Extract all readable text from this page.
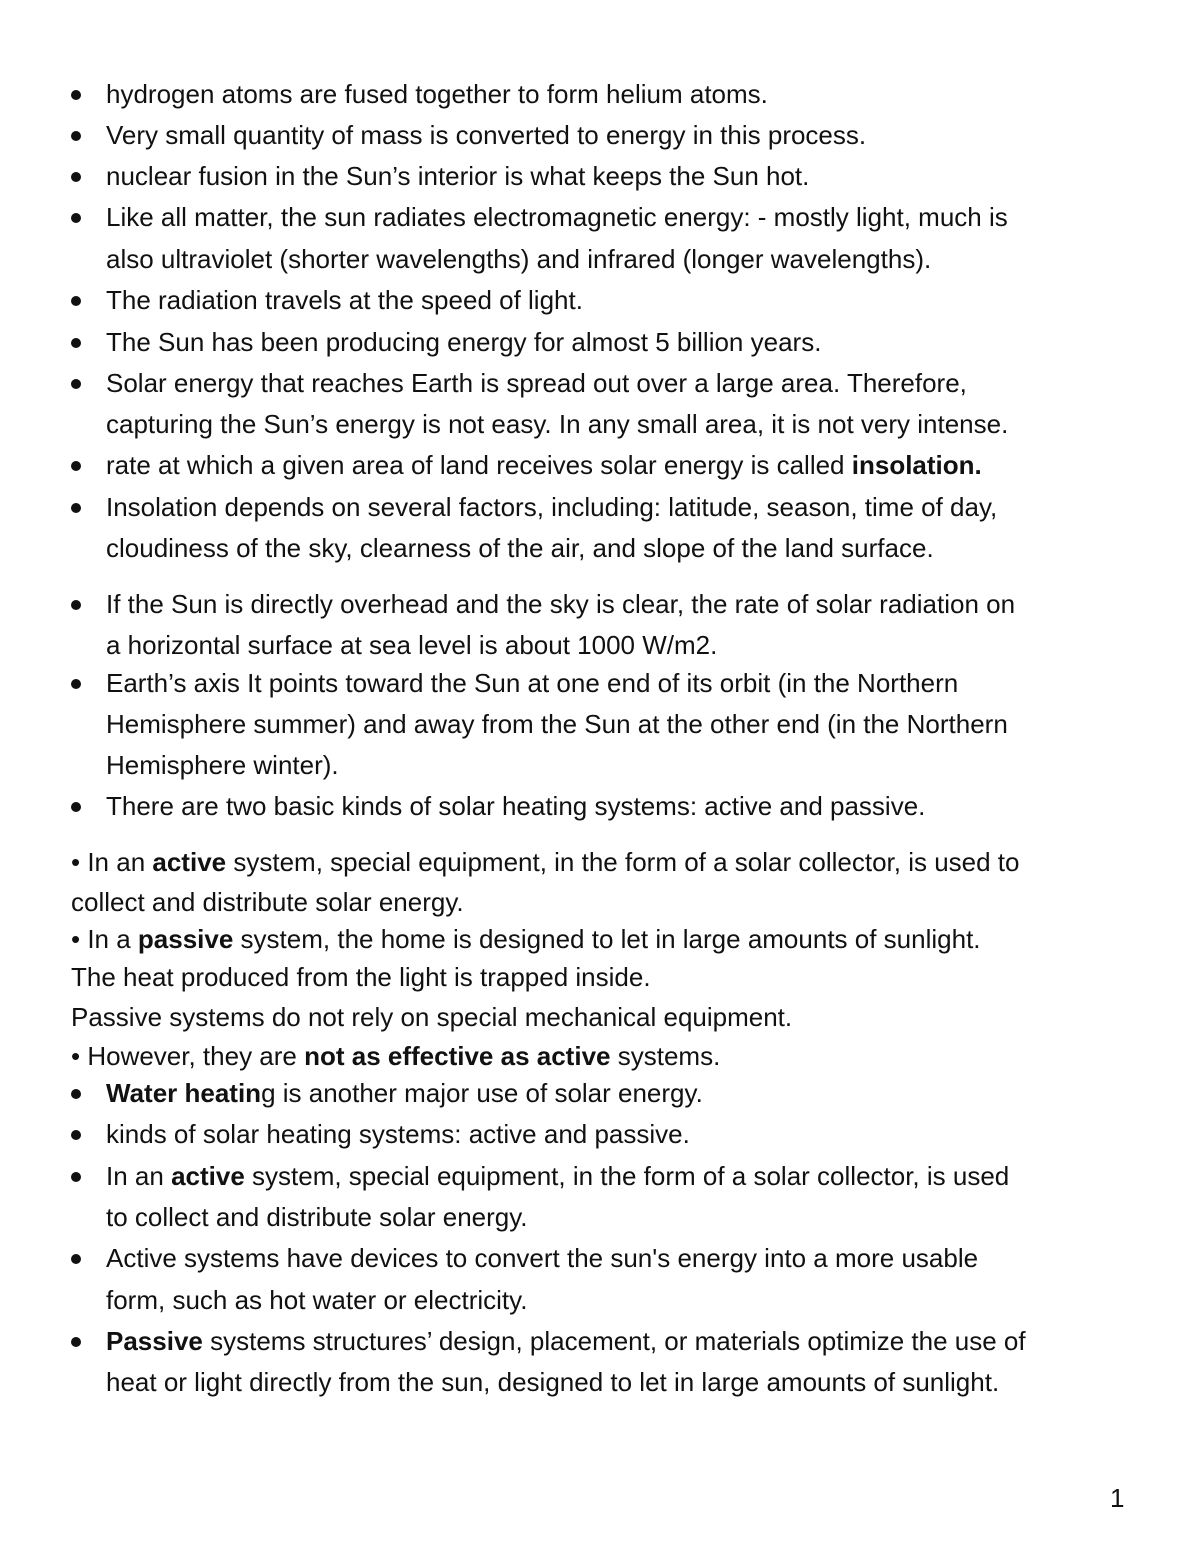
hydrogen atoms are fused together to form helium atoms.
Very small quantity of mass is converted to energy in this process.
nuclear fusion in the Sun’s interior is what keeps the Sun hot.
Like all matter, the sun radiates electromagnetic energy: - mostly light, much is
also ultraviolet (shorter wavelengths) and infrared (longer wavelengths).
The radiation travels at the speed of light.
The Sun has been producing energy for almost 5 billion years.
Solar energy that reaches Earth is spread out over a large area. Therefore,
capturing the Sun’s energy is not easy. In any small area, it is not very intense.
rate at which a given area of land receives solar energy is called insolation.
Insolation depends on several factors, including: latitude, season, time of day,
cloudiness of the sky, clearness of the air, and slope of the land surface.
If the Sun is directly overhead and the sky is clear, the rate of solar radiation on
a horizontal surface at sea level is about 1000 W/m2.
Earth’s axis It points toward the Sun at one end of its orbit (in the Northern
Hemisphere summer) and away from the Sun at the other end (in the Northern
Hemisphere winter).
There are two basic kinds of solar heating systems: active and passive.
• In an active system, special equipment, in the form of a solar collector, is used to
collect and distribute solar energy.
• In a passive system, the home is designed to let in large amounts of sunlight.
The heat produced from the light is trapped inside.
Passive systems do not rely on special mechanical equipment.
• However, they are not as effective as active systems.
Water heating is another major use of solar energy.
kinds of solar heating systems: active and passive.
In an active system, special equipment, in the form of a solar collector, is used
to collect and distribute solar energy.
Active systems have devices to convert the sun's energy into a more usable
form, such as hot water or electricity.
Passive systems structures’ design, placement, or materials optimize the use of
heat or light directly from the sun, designed to let in large amounts of sunlight.
1
